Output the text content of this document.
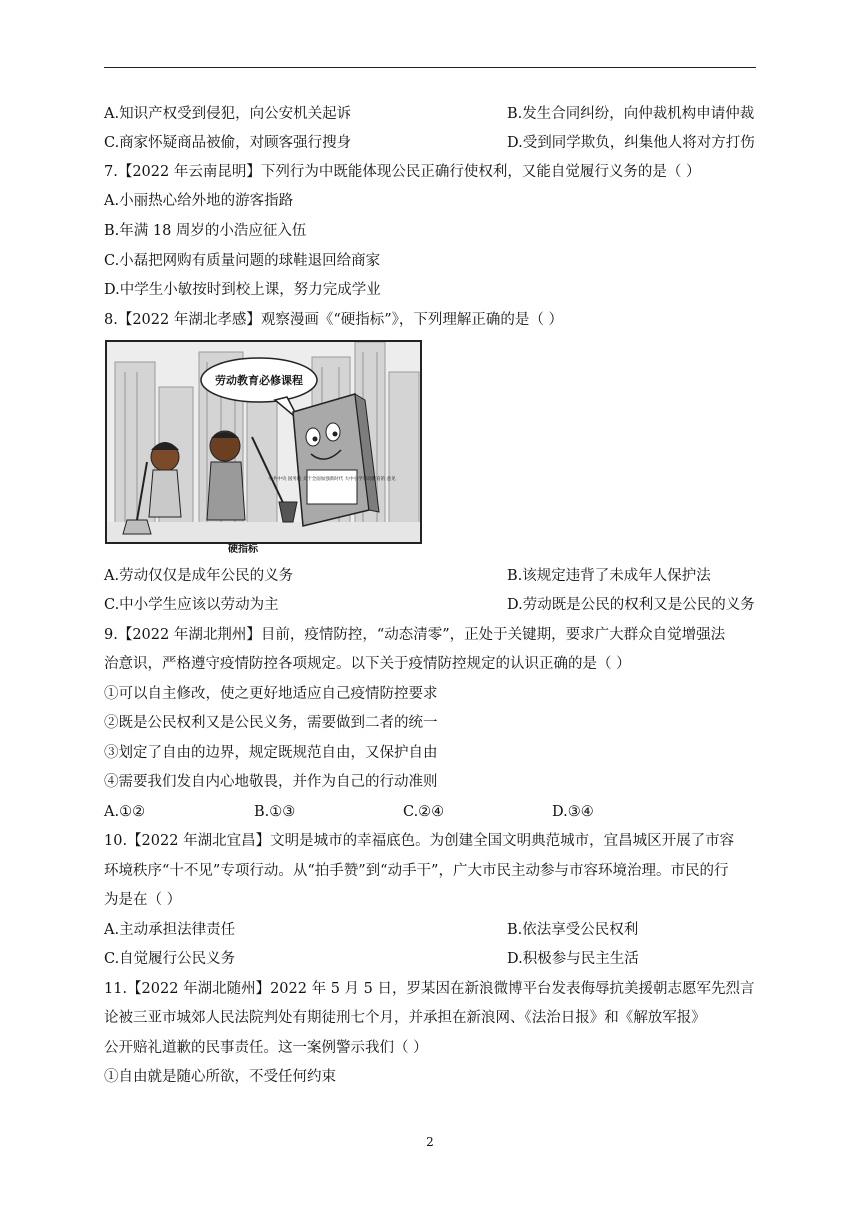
A.知识产权受到侵犯，向公安机关起诉	B.发生合同纠纷，向仲裁机构申请仲裁
C.商家怀疑商品被偷，对顾客强行搜身	D.受到同学欺负，纠集他人将对方打伤
7.【2022 年云南昆明】下列行为中既能体现公民正确行使权利，又能自觉履行义务的是（ ）
A.小丽热心给外地的游客指路
B.年满 18 周岁的小浩应征入伍
C.小磊把网购有质量问题的球鞋退回给商家
D.中学生小敏按时到校上课，努力完成学业
8.【2022 年湖北孝感】观察漫画《“硬指标”》，下列理解正确的是（ ）
劳动教育必修课程
中共中央 国务院 关于全面加强新时代 大中小学劳动教育的 意见
硬指标
A.劳动仅仅是成年公民的义务	B.该规定违背了未成年人保护法
C.中小学生应该以劳动为主	D.劳动既是公民的权利又是公民的义务
9.【2022 年湖北荆州】目前，疫情防控，“动态清零”，正处于关键期，要求广大群众自觉增强法
治意识，严格遵守疫情防控各项规定。以下关于疫情防控规定的认识正确的是（ ）
①可以自主修改，使之更好地适应自己疫情防控要求
②既是公民权利又是公民义务，需要做到二者的统一
③划定了自由的边界，规定既规范自由，又保护自由
④需要我们发自内心地敬畏，并作为自己的行动准则
A.①②	B.①③	C.②④	D.③④
10.【2022 年湖北宜昌】文明是城市的幸福底色。为创建全国文明典范城市，宜昌城区开展了市容
环境秩序“十不见”专项行动。从“拍手赞”到“动手干”，广大市民主动参与市容环境治理。市民的行
为是在（ ）
A.主动承担法律责任	B.依法享受公民权利
C.自觉履行公民义务	D.积极参与民主生活
11.【2022 年湖北随州】2022 年 5 月 5 日，罗某因在新浪微博平台发表侮辱抗美援朝志愿军先烈言
论被三亚市城郊人民法院判处有期徒刑七个月，并承担在新浪网、《法治日报》和《解放军报》
公开赔礼道歉的民事责任。这一案例警示我们（ ）
①自由就是随心所欲，不受任何约束
2
